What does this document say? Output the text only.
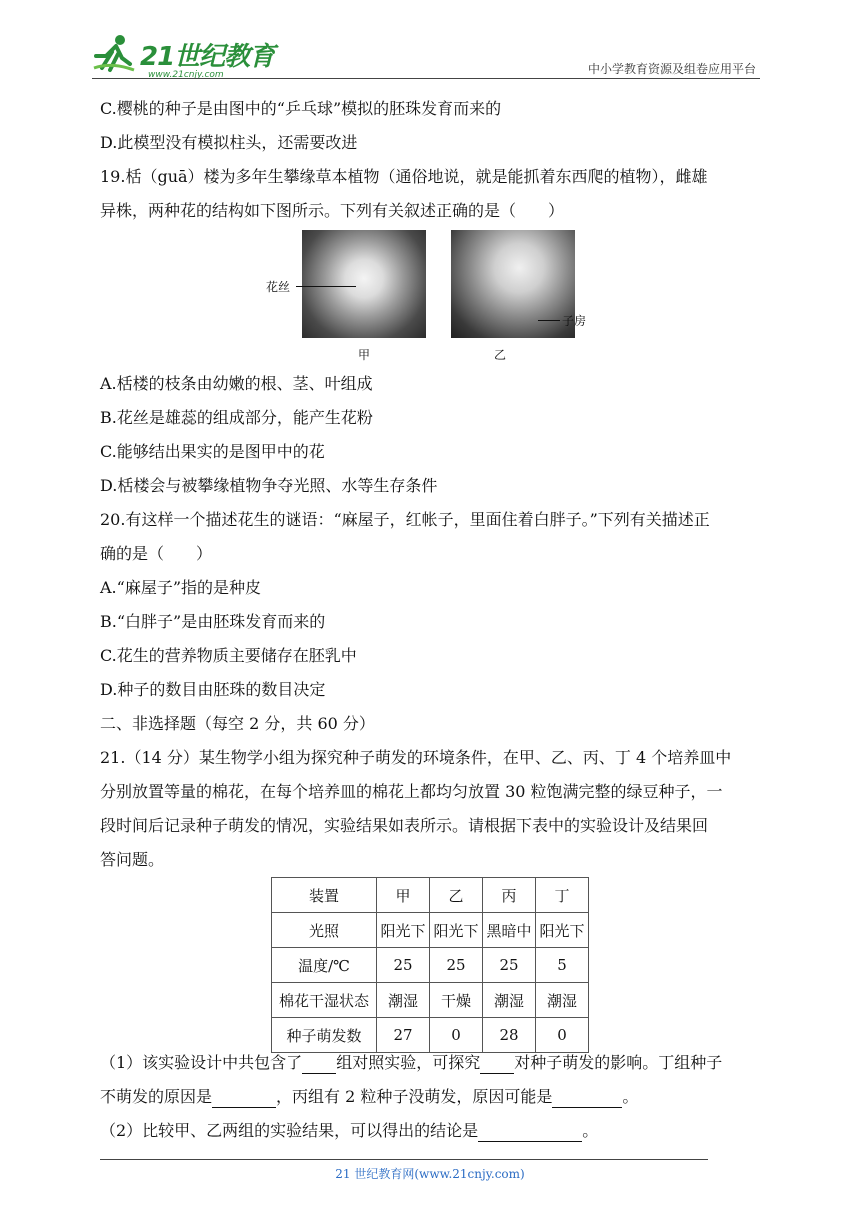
21世纪教育
www.21cnjy.com	中小学教育资源及组卷应用平台
C.樱桃的种子是由图中的“乒乓球”模拟的胚珠发育而来的
D.此模型没有模拟柱头，还需要改进
19.栝（guā）楼为多年生攀缘草本植物（通俗地说，就是能抓着东西爬的植物），雌雄
异株，两种花的结构如下图所示。下列有关叙述正确的是（　　）
花丝
子房
甲	乙
A.栝楼的枝条由幼嫩的根、茎、叶组成
B.花丝是雄蕊的组成部分，能产生花粉
C.能够结出果实的是图甲中的花
D.栝楼会与被攀缘植物争夺光照、水等生存条件
20.有这样一个描述花生的谜语：“麻屋子，红帐子，里面住着白胖子。”下列有关描述正
确的是（　　）
A.“麻屋子”指的是种皮
B.“白胖子”是由胚珠发育而来的
C.花生的营养物质主要储存在胚乳中
D.种子的数目由胚珠的数目决定
二、非选择题（每空 2 分，共 60 分）
21.（14 分）某生物学小组为探究种子萌发的环境条件，在甲、乙、丙、丁 4 个培养皿中
分别放置等量的棉花，在每个培养皿的棉花上都均匀放置 30 粒饱满完整的绿豆种子，一
段时间后记录种子萌发的情况，实验结果如表所示。请根据下表中的实验设计及结果回
答问题。
装置	甲	乙	丙	丁
光照	阳光下	阳光下	黑暗中	阳光下
温度/℃	25	25	25	5
棉花干湿状态	潮湿	干燥	潮湿	潮湿
种子萌发数	27	0	28	0
（1）该实验设计中共包含了 组对照实验，可探究 对种子萌发的影响。丁组种子
不萌发的原因是	，丙组有 2 粒种子没萌发，原因可能是	。
（2）比较甲、乙两组的实验结果，可以得出的结论是	。
21 世纪教育网(www.21cnjy.com)
